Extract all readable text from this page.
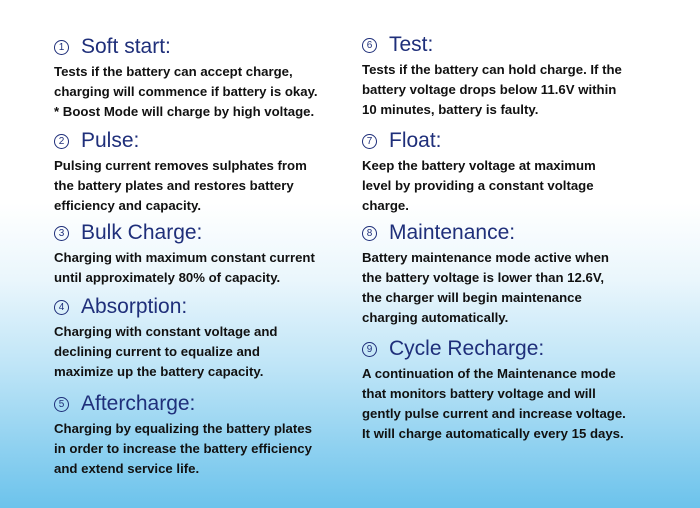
1 Soft start:
Tests if the battery can accept charge,
charging will commence if battery is okay.
* Boost Mode will charge by high voltage.
2 Pulse:
Pulsing current removes sulphates from
the battery plates and restores battery
efficiency and capacity.
3 Bulk Charge:
Charging with maximum constant current
until approximately 80% of capacity.
4 Absorption:
Charging with constant voltage and
declining current to equalize and
maximize up the battery capacity.
5 Aftercharge:
Charging by equalizing the battery plates
in order to increase the battery efficiency
and extend service life.
6 Test:
Tests if the battery can hold charge. If the
battery voltage drops below 11.6V within
10 minutes, battery is faulty.
7 Float:
Keep the battery voltage at maximum
level by providing a constant voltage
charge.
8 Maintenance:
Battery maintenance mode active when
the battery voltage is lower than 12.6V,
the charger will begin maintenance
charging automatically.
9 Cycle Recharge:
A continuation of the Maintenance mode
that monitors battery voltage and will
gently pulse current and increase voltage.
It will charge automatically every 15 days.
